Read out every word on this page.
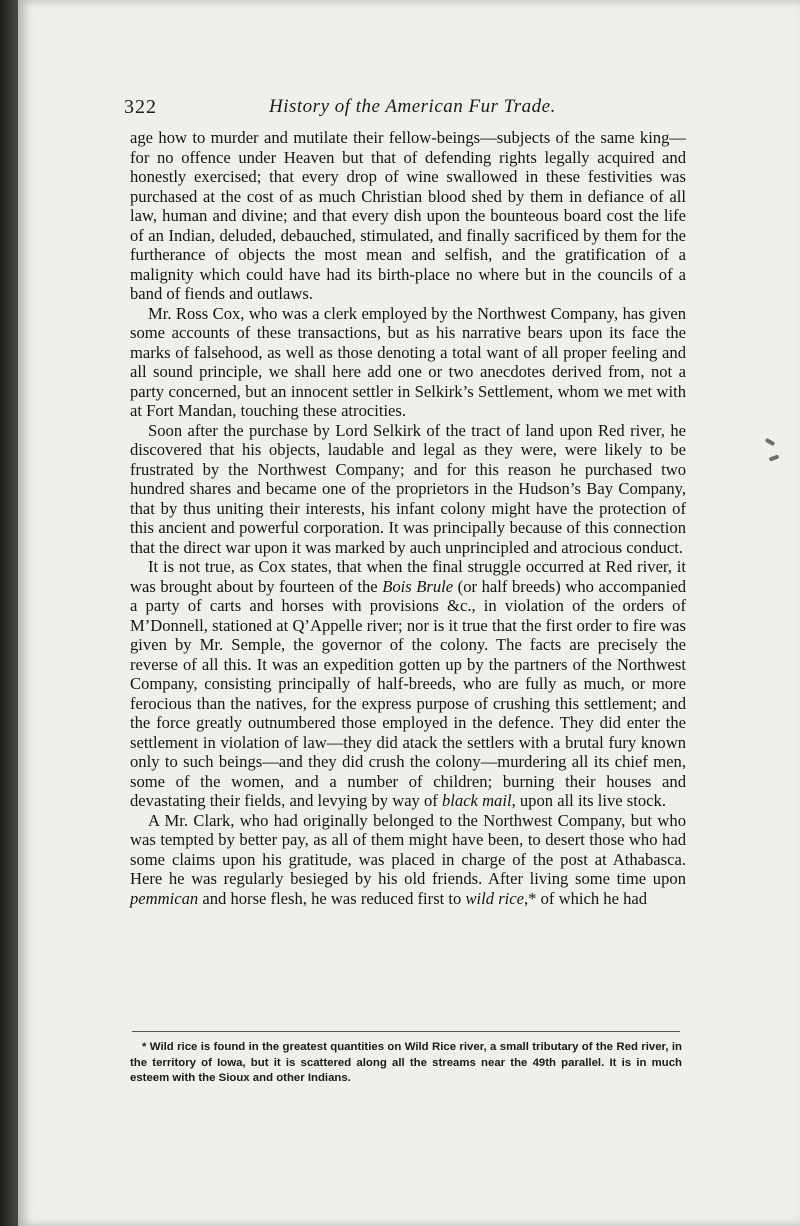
322	History of the American Fur Trade.

age how to murder and mutilate their fellow-beings—subjects of the same king—for no offence under Heaven but that of defending rights legally acquired and honestly exercised; that every drop of wine swallowed in these festivities was purchased at the cost of as much Christian blood shed by them in defiance of all law, human and divine; and that every dish upon the bounteous board cost the life of an Indian, deluded, debauched, stimulated, and finally sacrificed by them for the furtherance of objects the most mean and selfish, and the gratification of a malignity which could have had its birth-place no where but in the councils of a band of fiends and outlaws.

Mr. Ross Cox, who was a clerk employed by the Northwest Company, has given some accounts of these transactions, but as his narrative bears upon its face the marks of falsehood, as well as those denoting a total want of all proper feeling and all sound principle, we shall here add one or two anecdotes derived from, not a party concerned, but an innocent settler in Selkirk’s Settlement, whom we met with at Fort Mandan, touching these atrocities.

Soon after the purchase by Lord Selkirk of the tract of land upon Red river, he discovered that his objects, laudable and legal as they were, were likely to be frustrated by the Northwest Company; and for this reason he purchased two hundred shares and became one of the proprietors in the Hudson’s Bay Company, that by thus uniting their interests, his infant colony might have the protection of this ancient and powerful corporation. It was principally because of this connection that the direct war upon it was marked by auch unprincipled and atrocious conduct.

It is not true, as Cox states, that when the final struggle occurred at Red river, it was brought about by fourteen of the Bois Brule (or half breeds) who accompanied a party of carts and horses with provisions &c., in violation of the orders of M’Donnell, stationed at Q’Appelle river; nor is it true that the first order to fire was given by Mr. Semple, the governor of the colony. The facts are precisely the reverse of all this. It was an expedition gotten up by the partners of the Northwest Company, consisting principally of half-breeds, who are fully as much, or more ferocious than the natives, for the express purpose of crushing this settlement; and the force greatly outnumbered those employed in the defence. They did enter the settlement in violation of law—they did atack the settlers with a brutal fury known only to such beings—and they did crush the colony—murdering all its chief men, some of the women, and a number of children; burning their houses and devastating their fields, and levying by way of black mail, upon all its live stock.

A Mr. Clark, who had originally belonged to the Northwest Company, but who was tempted by better pay, as all of them might have been, to desert those who had some claims upon his gratitude, was placed in charge of the post at Athabasca. Here he was regularly besieged by his old friends. After living some time upon pemmican and horse flesh, he was reduced first to wild rice,* of which he had

* Wild rice is found in the greatest quantities on Wild Rice river, a small tributary of the Red river, in the territory of Iowa, but it is scattered along all the streams near the 49th parallel. It is in much esteem with the Sioux and other Indians.
